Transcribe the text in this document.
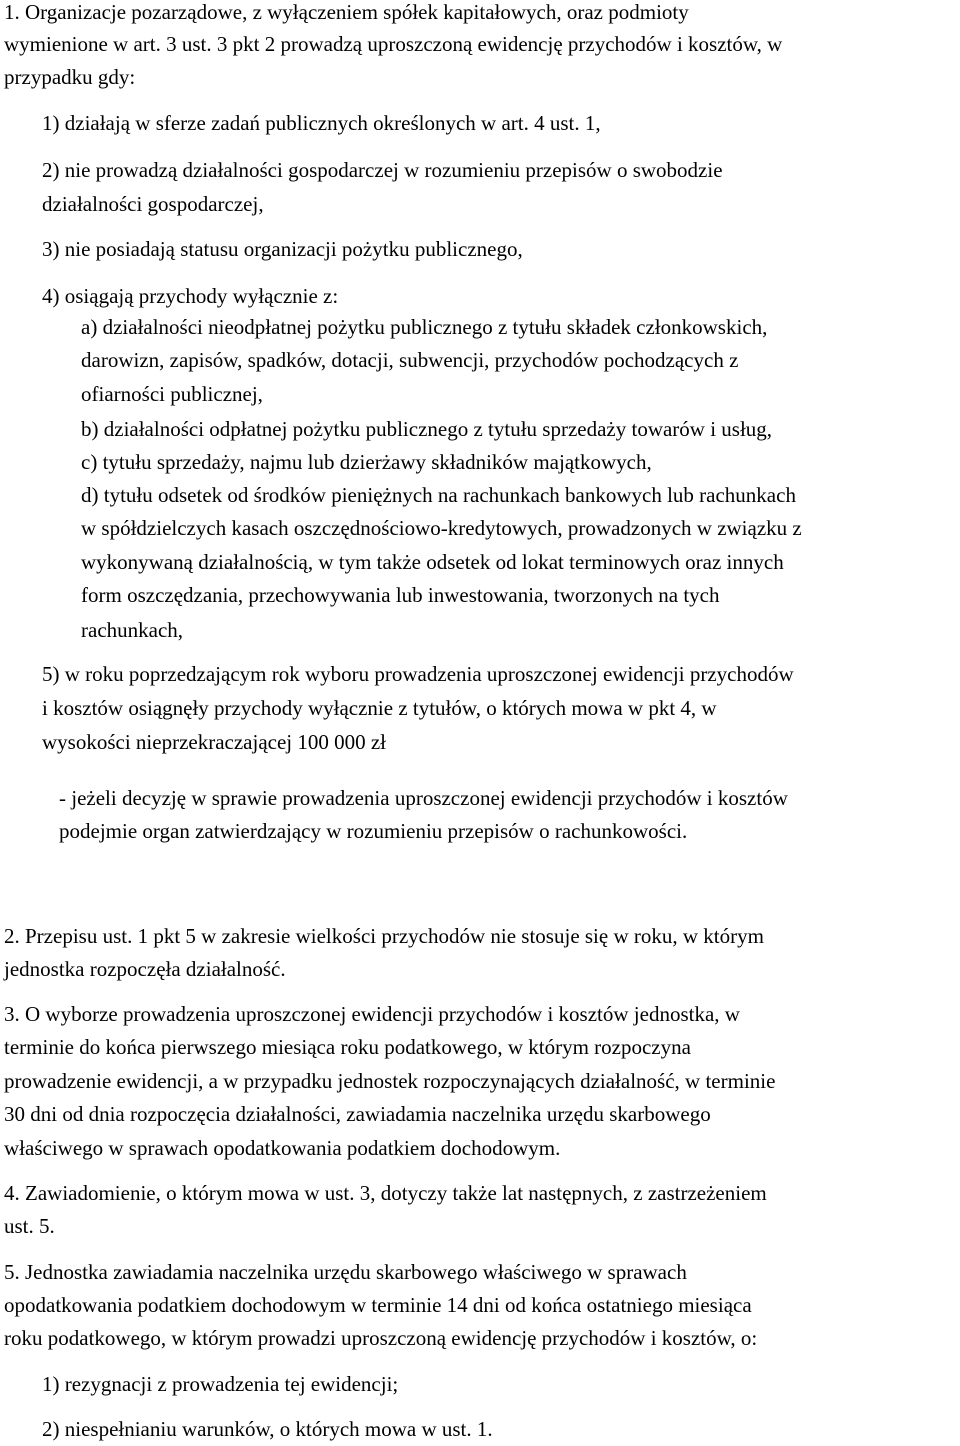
1. Organizacje pozarządowe, z wyłączeniem spółek kapitałowych, oraz podmioty
wymienione w art. 3 ust. 3 pkt 2 prowadzą uproszczoną ewidencję przychodów i kosztów, w
przypadku gdy:
1) działają w sferze zadań publicznych określonych w art. 4 ust. 1,
2) nie prowadzą działalności gospodarczej w rozumieniu przepisów o swobodzie
działalności gospodarczej,
3) nie posiadają statusu organizacji pożytku publicznego,
4) osiągają przychody wyłącznie z:
a) działalności nieodpłatnej pożytku publicznego z tytułu składek członkowskich,
darowizn, zapisów, spadków, dotacji, subwencji, przychodów pochodzących z
ofiarności publicznej,
b) działalności odpłatnej pożytku publicznego z tytułu sprzedaży towarów i usług,
c) tytułu sprzedaży, najmu lub dzierżawy składników majątkowych,
d) tytułu odsetek od środków pieniężnych na rachunkach bankowych lub rachunkach
w spółdzielczych kasach oszczędnościowo-kredytowych, prowadzonych w związku z
wykonywaną działalnością, w tym także odsetek od lokat terminowych oraz innych
form oszczędzania, przechowywania lub inwestowania, tworzonych na tych
rachunkach,
5) w roku poprzedzającym rok wyboru prowadzenia uproszczonej ewidencji przychodów
i kosztów osiągnęły przychody wyłącznie z tytułów, o których mowa w pkt 4, w
wysokości nieprzekraczającej 100 000 zł
- jeżeli decyzję w sprawie prowadzenia uproszczonej ewidencji przychodów i kosztów
podejmie organ zatwierdzający w rozumieniu przepisów o rachunkowości.
2. Przepisu ust. 1 pkt 5 w zakresie wielkości przychodów nie stosuje się w roku, w którym
jednostka rozpoczęła działalność.
3. O wyborze prowadzenia uproszczonej ewidencji przychodów i kosztów jednostka, w
terminie do końca pierwszego miesiąca roku podatkowego, w którym rozpoczyna
prowadzenie ewidencji, a w przypadku jednostek rozpoczynających działalność, w terminie
30 dni od dnia rozpoczęcia działalności, zawiadamia naczelnika urzędu skarbowego
właściwego w sprawach opodatkowania podatkiem dochodowym.
4. Zawiadomienie, o którym mowa w ust. 3, dotyczy także lat następnych, z zastrzeżeniem
ust. 5.
5. Jednostka zawiadamia naczelnika urzędu skarbowego właściwego w sprawach
opodatkowania podatkiem dochodowym w terminie 14 dni od końca ostatniego miesiąca
roku podatkowego, w którym prowadzi uproszczoną ewidencję przychodów i kosztów, o:
1) rezygnacji z prowadzenia tej ewidencji;
2) niespełnianiu warunków, o których mowa w ust. 1.
